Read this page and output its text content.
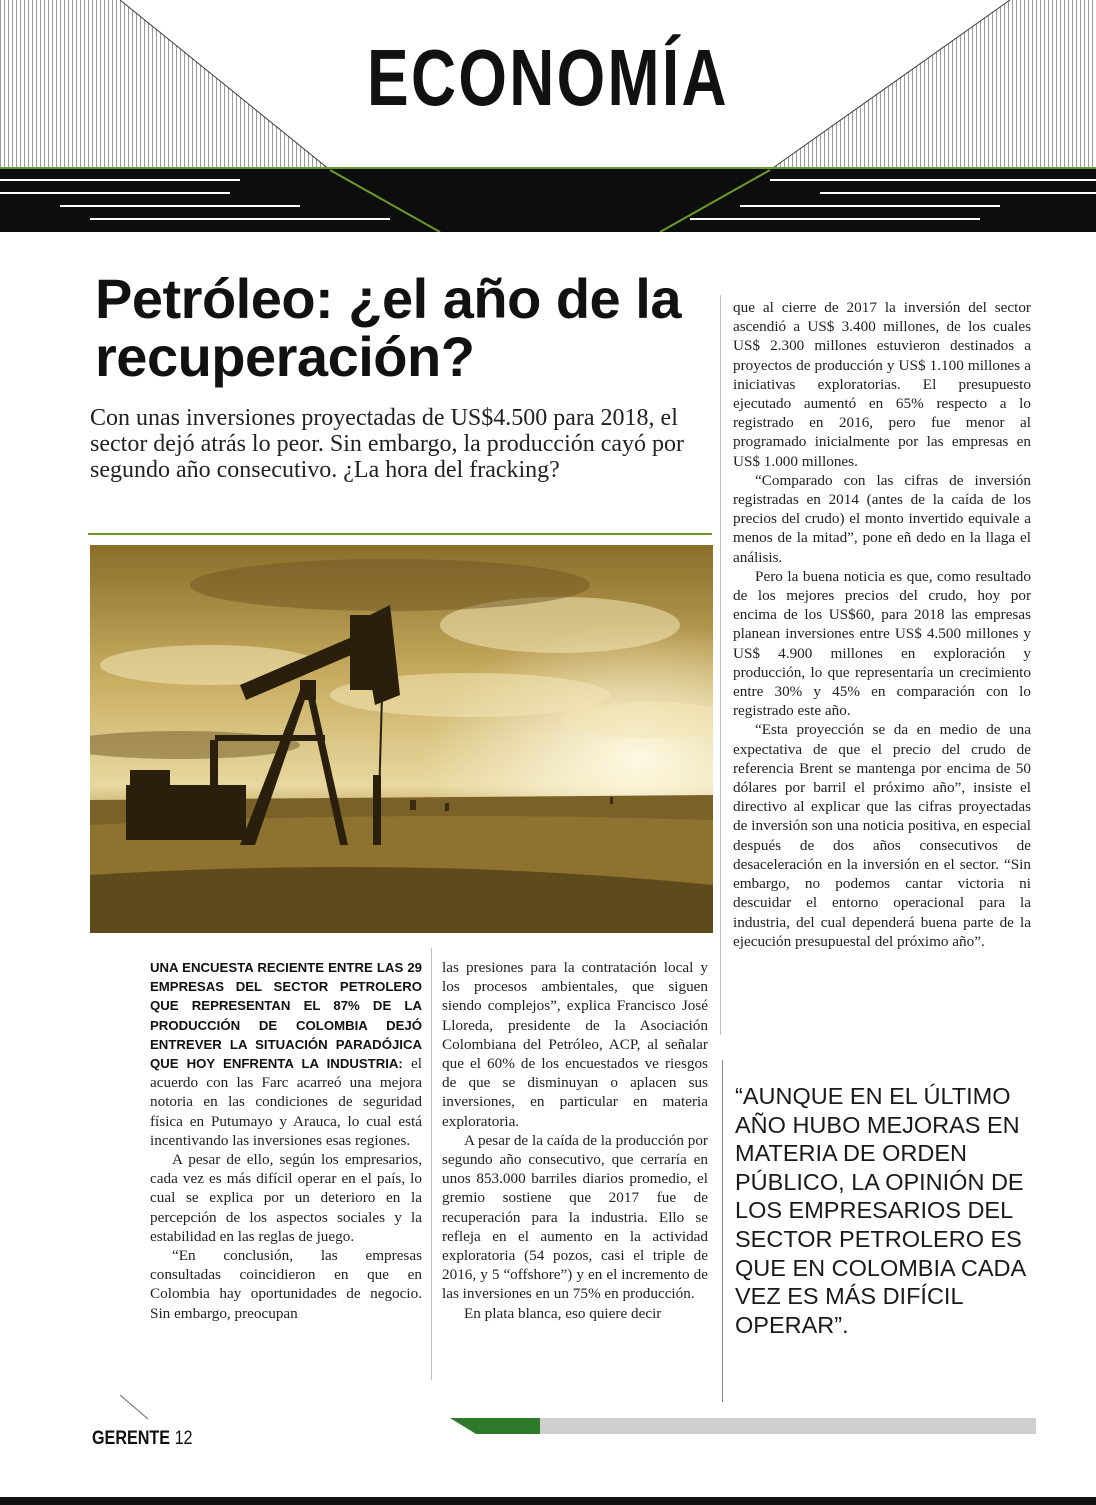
ECONOMÍA
Petróleo: ¿el año de la recuperación?

Con unas inversiones proyectadas de US$4.500 para 2018, el sector dejó atrás lo peor. Sin embargo, la producción cayó por segundo año consecutivo. ¿La hora del fracking?

UNA ENCUESTA RECIENTE ENTRE LAS 29 EMPRESAS DEL SECTOR PETROLERO QUE REPRESENTAN EL 87% DE LA PRODUCCIÓN DE COLOMBIA DEJÓ ENTREVER LA SITUACIÓN PARADÓJICA QUE HOY ENFRENTA LA INDUSTRIA: el acuerdo con las Farc acarreó una mejora notoria en las condiciones de seguridad física en Putumayo y Arauca, lo cual está incentivando las inversiones esas regiones.

A pesar de ello, según los empresarios, cada vez es más difícil operar en el país, lo cual se explica por un deterioro en la percepción de los aspectos sociales y la estabilidad en las reglas de juego.

“En conclusión, las empresas consultadas coincidieron en que en Colombia hay oportunidades de negocio. Sin embargo, preocupan

las presiones para la contratación local y los procesos ambientales, que siguen siendo complejos”, explica Francisco José Lloreda, presidente de la Asociación Colombiana del Petróleo, ACP, al señalar que el 60% de los encuestados ve riesgos de que se disminuyan o aplacen sus inversiones, en particular en materia exploratoria.

A pesar de la caída de la producción por segundo año consecutivo, que cerraría en unos 853.000 barriles diarios promedio, el gremio sostiene que 2017 fue de recuperación para la industria. Ello se refleja en el aumento en la actividad exploratoria (54 pozos, casi el triple de 2016, y 5 “offshore”) y en el incremento de las inversiones en un 75% en producción.

En plata blanca, eso quiere decir

que al cierre de 2017 la inversión del sector ascendió a US$ 3.400 millones, de los cuales US$ 2.300 millones estuvieron destinados a proyectos de producción y US$ 1.100 millones a iniciativas exploratorias. El presupuesto ejecutado aumentó en 65% respecto a lo registrado en 2016, pero fue menor al programado inicialmente por las empresas en US$ 1.000 millones.

“Comparado con las cifras de inversión registradas en 2014 (antes de la caída de los precios del crudo) el monto invertido equivale a menos de la mitad”, pone eñ dedo en la llaga el análisis.

Pero la buena noticia es que, como resultado de los mejores precios del crudo, hoy por encima de los US$60, para 2018 las empresas planean inversiones entre US$ 4.500 millones y US$ 4.900 millones en exploración y producción, lo que representaría un crecimiento entre 30% y 45% en comparación con lo registrado este año.

“Esta proyección se da en medio de una expectativa de que el precio del crudo de referencia Brent se mantenga por encima de 50 dólares por barril el próximo año”, insiste el directivo al explicar que las cifras proyectadas de inversión son una noticia positiva, en especial después de dos años consecutivos de desaceleración en la inversión en el sector. “Sin embargo, no podemos cantar victoria ni descuidar el entorno operacional para la industria, del cual dependerá buena parte de la ejecución presupuestal del próximo año”.

“AUNQUE EN EL ÚLTIMO AÑO HUBO MEJORAS EN MATERIA DE ORDEN PÚBLICO, LA OPINIÓN DE LOS EMPRESARIOS DEL SECTOR PETROLERO ES QUE EN COLOMBIA CADA VEZ ES MÁS DIFÍCIL OPERAR”.

GERENTE 12
